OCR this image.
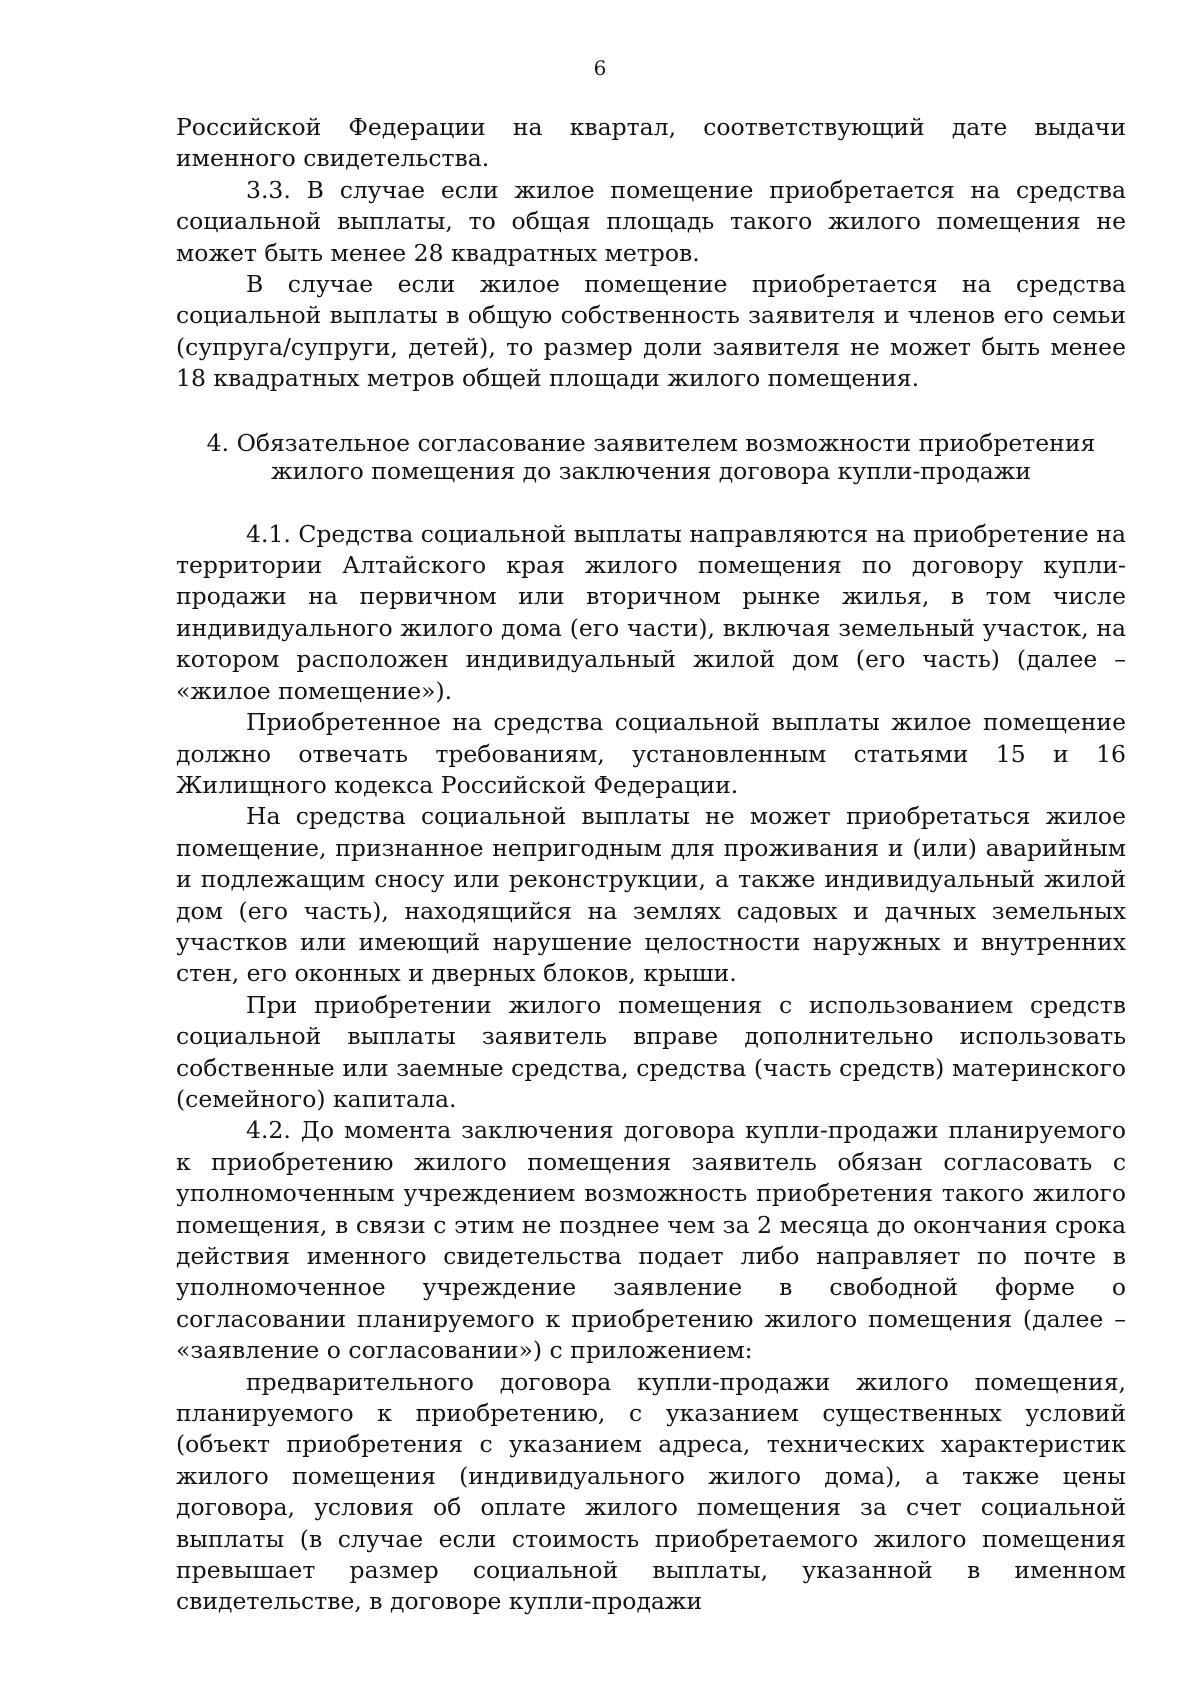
6

Российской Федерации на квартал, соответствующий дате выдачи именного свидетельства.

3.3. В случае если жилое помещение приобретается на средства социальной выплаты, то общая площадь такого жилого помещения не может быть менее 28 квадратных метров.

В случае если жилое помещение приобретается на средства социальной выплаты в общую собственность заявителя и членов его семьи (супруга/супруги, детей), то размер доли заявителя не может быть менее 18 квадратных метров общей площади жилого помещения.

4. Обязательное согласование заявителем возможности приобретения жилого помещения до заключения договора купли-продажи

4.1. Средства социальной выплаты направляются на приобретение на территории Алтайского края жилого помещения по договору купли-продажи на первичном или вторичном рынке жилья, в том числе индивидуального жилого дома (его части), включая земельный участок, на котором расположен индивидуальный жилой дом (его часть) (далее – «жилое помещение»).

Приобретенное на средства социальной выплаты жилое помещение должно отвечать требованиям, установленным статьями 15 и 16 Жилищного кодекса Российской Федерации.

На средства социальной выплаты не может приобретаться жилое помещение, признанное непригодным для проживания и (или) аварийным и подлежащим сносу или реконструкции, а также индивидуальный жилой дом (его часть), находящийся на землях садовых и дачных земельных участков или имеющий нарушение целостности наружных и внутренних стен, его оконных и дверных блоков, крыши.

При приобретении жилого помещения с использованием средств социальной выплаты заявитель вправе дополнительно использовать собственные или заемные средства, средства (часть средств) материнского (семейного) капитала.

4.2. До момента заключения договора купли-продажи планируемого к приобретению жилого помещения заявитель обязан согласовать с уполномоченным учреждением возможность приобретения такого жилого помещения, в связи с этим не позднее чем за 2 месяца до окончания срока действия именного свидетельства подает либо направляет по почте в уполномоченное учреждение заявление в свободной форме о согласовании планируемого к приобретению жилого помещения (далее – «заявление о согласовании») с приложением:

предварительного договора купли-продажи жилого помещения, планируемого к приобретению, с указанием существенных условий (объект приобретения с указанием адреса, технических характеристик жилого помещения (индивидуального жилого дома), а также цены договора, условия об оплате жилого помещения за счет социальной выплаты (в случае если стоимость приобретаемого жилого помещения превышает размер социальной выплаты, указанной в именном свидетельстве, в договоре купли-продажи
